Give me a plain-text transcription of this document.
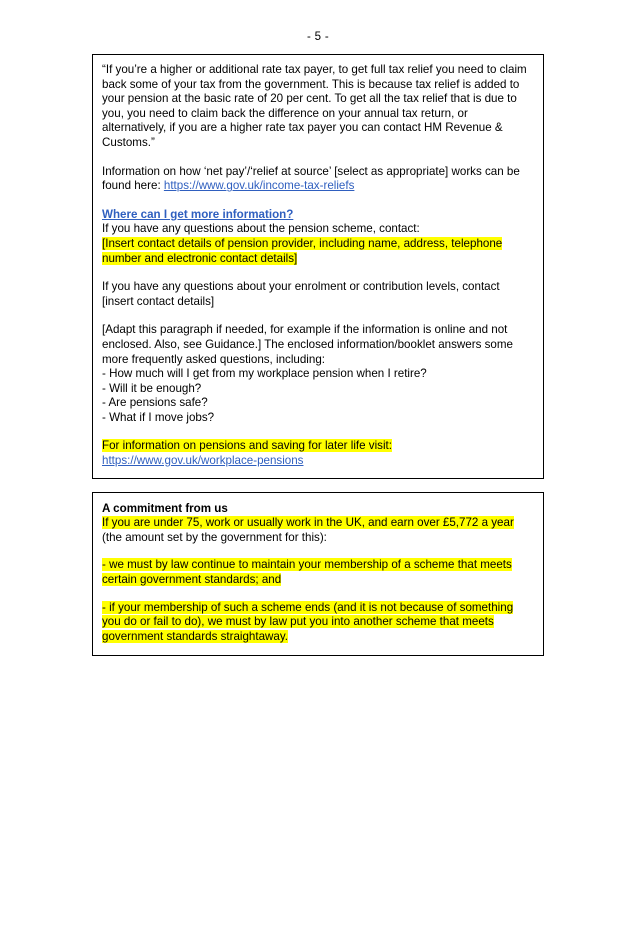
- 5 -

“If you’re a higher or additional rate tax payer, to get full tax relief you need to claim back some of your tax from the government. This is because tax relief is added to your pension at the basic rate of 20 per cent. To get all the tax relief that is due to you, you need to claim back the difference on your annual tax return, or alternatively, if you are a higher rate tax payer you can contact HM Revenue & Customs.”

Information on how ‘net pay’/‘relief at source’ [select as appropriate] works can be found here: https://www.gov.uk/income-tax-reliefs

Where can I get more information?

If you have any questions about the pension scheme, contact:

[Insert contact details of pension provider, including name, address, telephone number and electronic contact details]

If you have any questions about your enrolment or contribution levels, contact [insert contact details]

[Adapt this paragraph if needed, for example if the information is online and not enclosed. Also, see Guidance.] The enclosed information/booklet answers some more frequently asked questions, including:

- How much will I get from my workplace pension when I retire?

- Will it be enough?

- Are pensions safe?

- What if I move jobs?

For information on pensions and saving for later life visit:

https://www.gov.uk/workplace-pensions

A commitment from us

If you are under 75, work or usually work in the UK, and earn over £5,772 a year (the amount set by the government for this):

- we must by law continue to maintain your membership of a scheme that meets certain government standards; and

- if your membership of such a scheme ends (and it is not because of something you do or fail to do), we must by law put you into another scheme that meets government standards straightaway.
